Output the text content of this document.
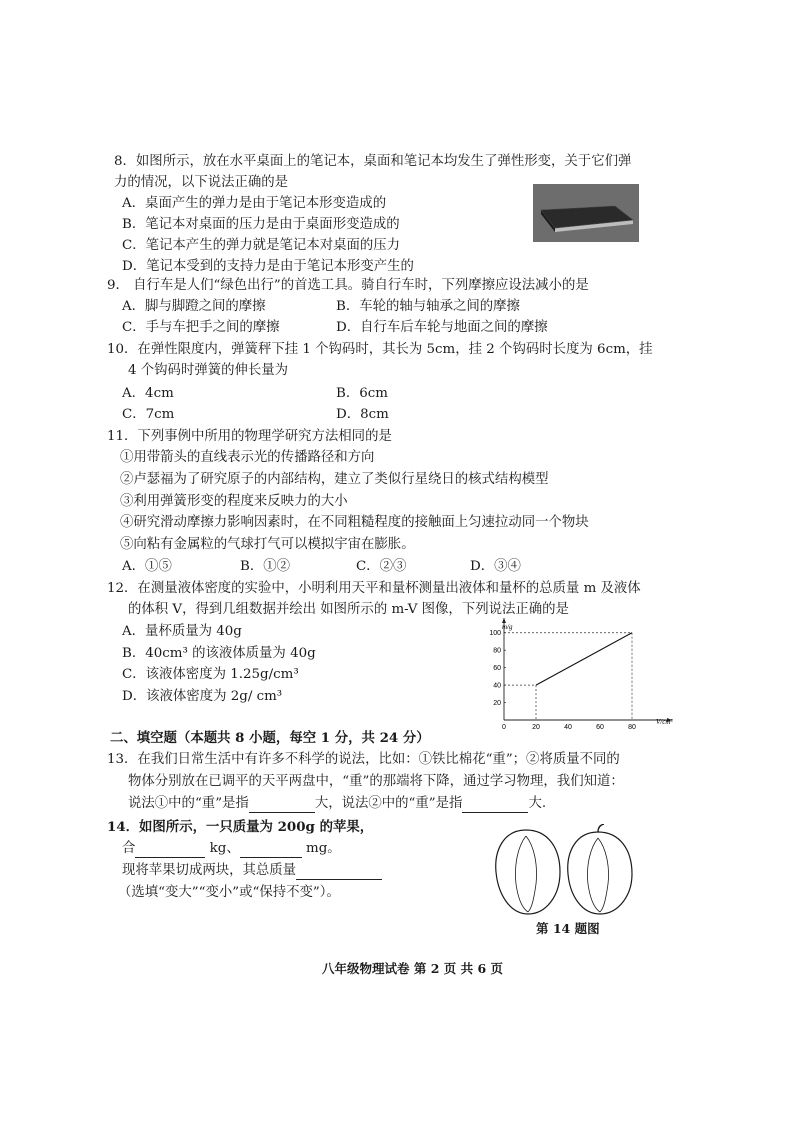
8．如图所示，放在水平桌面上的笔记本，桌面和笔记本均发生了弹性形变，关于它们弹
力的情况，以下说法正确的是
A．桌面产生的弹力是由于笔记本形变造成的
B．笔记本对桌面的压力是由于桌面形变造成的
C．笔记本产生的弹力就是笔记本对桌面的压力
D．笔记本受到的支持力是由于笔记本形变产生的
9． 自行车是人们“绿色出行”的首选工具。骑自行车时，下列摩擦应设法减小的是
A．脚与脚蹬之间的摩擦	B．车轮的轴与轴承之间的摩擦
C．手与车把手之间的摩擦	D．自行车后车轮与地面之间的摩擦
10．在弹性限度内，弹簧秤下挂 1 个钩码时，其长为 5cm，挂 2 个钩码时长度为 6cm，挂
4 个钩码时弹簧的伸长量为
A．4cm	B．6cm
C．7cm	D．8cm
11．下列事例中所用的物理学研究方法相同的是
①用带箭头的直线表示光的传播路径和方向
②卢瑟福为了研究原子的内部结构，建立了类似行星绕日的核式结构模型
③利用弹簧形变的程度来反映力的大小
④研究滑动摩擦力影响因素时，在不同粗糙程度的接触面上匀速拉动同一个物块
⑤向粘有金属粒的气球打气可以模拟宇宙在膨胀。
A．①⑤	B．①②	C．②③	D．③④
12．在测量液体密度的实验中，小明利用天平和量杯测量出液体和量杯的总质量 m 及液体
的体积 V，得到几组数据并绘出 如图所示的 m-V 图像，下列说法正确的是
A．量杯质量为 40g
B．40cm³ 的该液体质量为 40g
C．该液体密度为 1.25g/cm³
D．该液体密度为 2g/ cm³
0	20	40	60	80
20
40
60
80
100
V/cm³
m/g
二、填空题（本题共 8 小题，每空 1 分，共 24 分）
13．在我们日常生活中有许多不科学的说法，比如：①铁比棉花“重”；②将质量不同的
物体分别放在已调平的天平两盘中，“重”的那端将下降，通过学习物理，我们知道：
说法①中的“重”是指	大，说法②中的“重”是指	大.
14．如图所示，一只质量为 200g 的苹果，
合	kg、	mg。
现将苹果切成两块，其总质量
（选填“变大”“变小”或“保持不变”）。
第 14 题图
八年级物理试卷 第 2 页 共 6 页
